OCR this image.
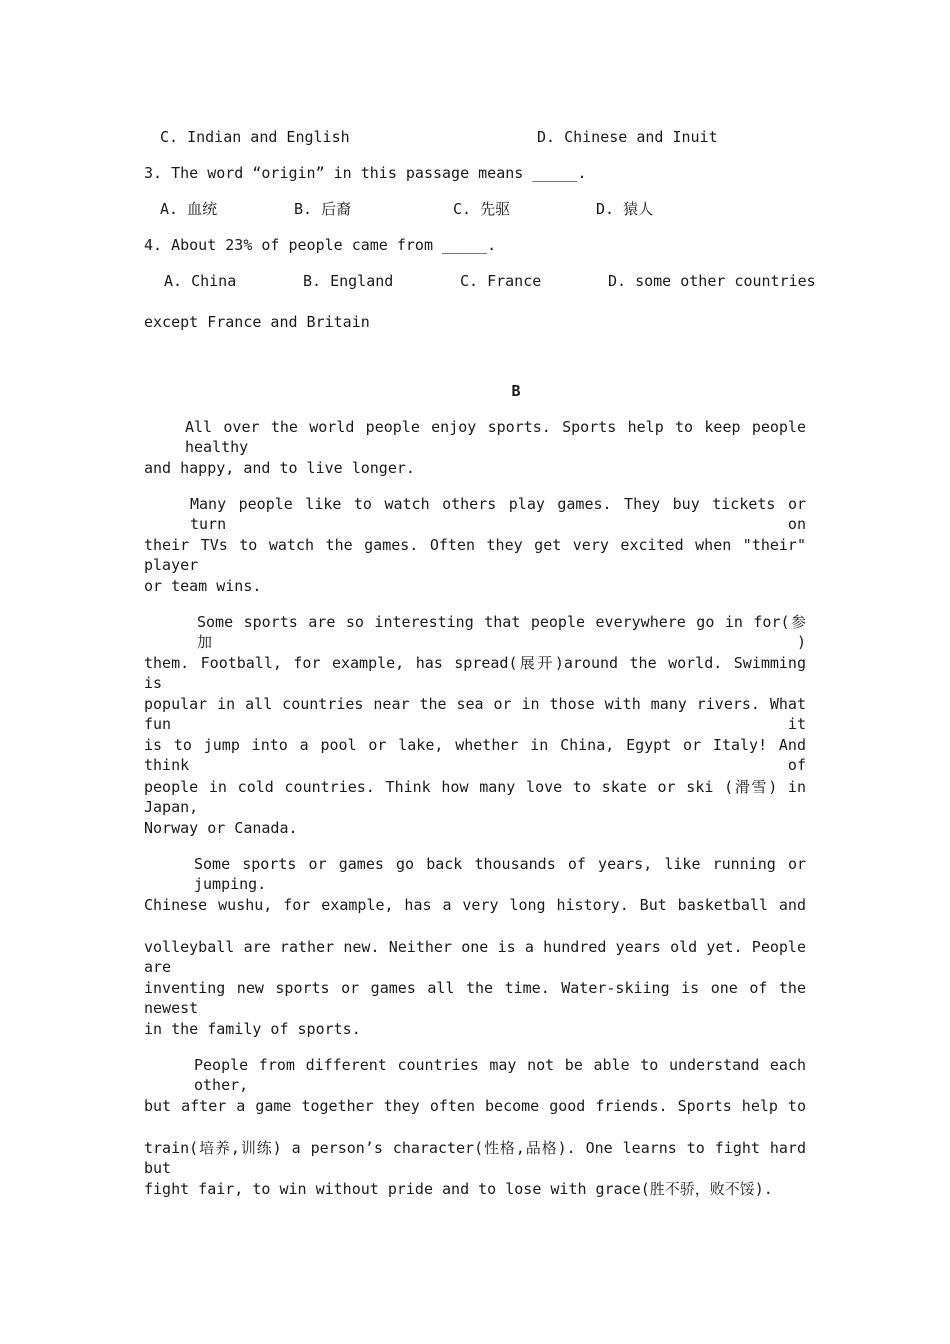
C. Indian and English	D. Chinese and Inuit
3. The word “origin” in this passage means _____.
A. 血统	B. 后裔	C. 先驱	D. 猿人
4. About 23% of people came from _____.
A. China	B. England	C. France	D. some other countries
except France and Britain
B
All over the world people enjoy sports. Sports help to keep people healthy
and happy, and to live longer.
Many people like to watch others play games. They buy tickets or turn on
their TVs to watch the games. Often they get very excited when "their" player
or team wins.
Some sports are so interesting that people everywhere go in for(参加)
them. Football, for example, has spread(展开)around the world. Swimming is
popular in all countries near the sea or in those with many rivers. What fun it
is to jump into a pool or lake, whether in China, Egypt or Italy! And think of
people in cold countries. Think how many love to skate or ski (滑雪) in Japan,
Norway or Canada.
Some sports or games go back thousands of years, like running or jumping.
Chinese wushu, for example, has a very long history. But basketball and
volleyball are rather new. Neither one is a hundred years old yet. People are
inventing new sports or games all the time. Water-skiing is one of the newest
in the family of sports.
People from different countries may not be able to understand each other,
but after a game together they often become good friends. Sports help to
train(培养,训练) a person’s character(性格,品格). One learns to fight hard but
fight fair, to win without pride and to lose with grace(胜不骄，败不馁).
